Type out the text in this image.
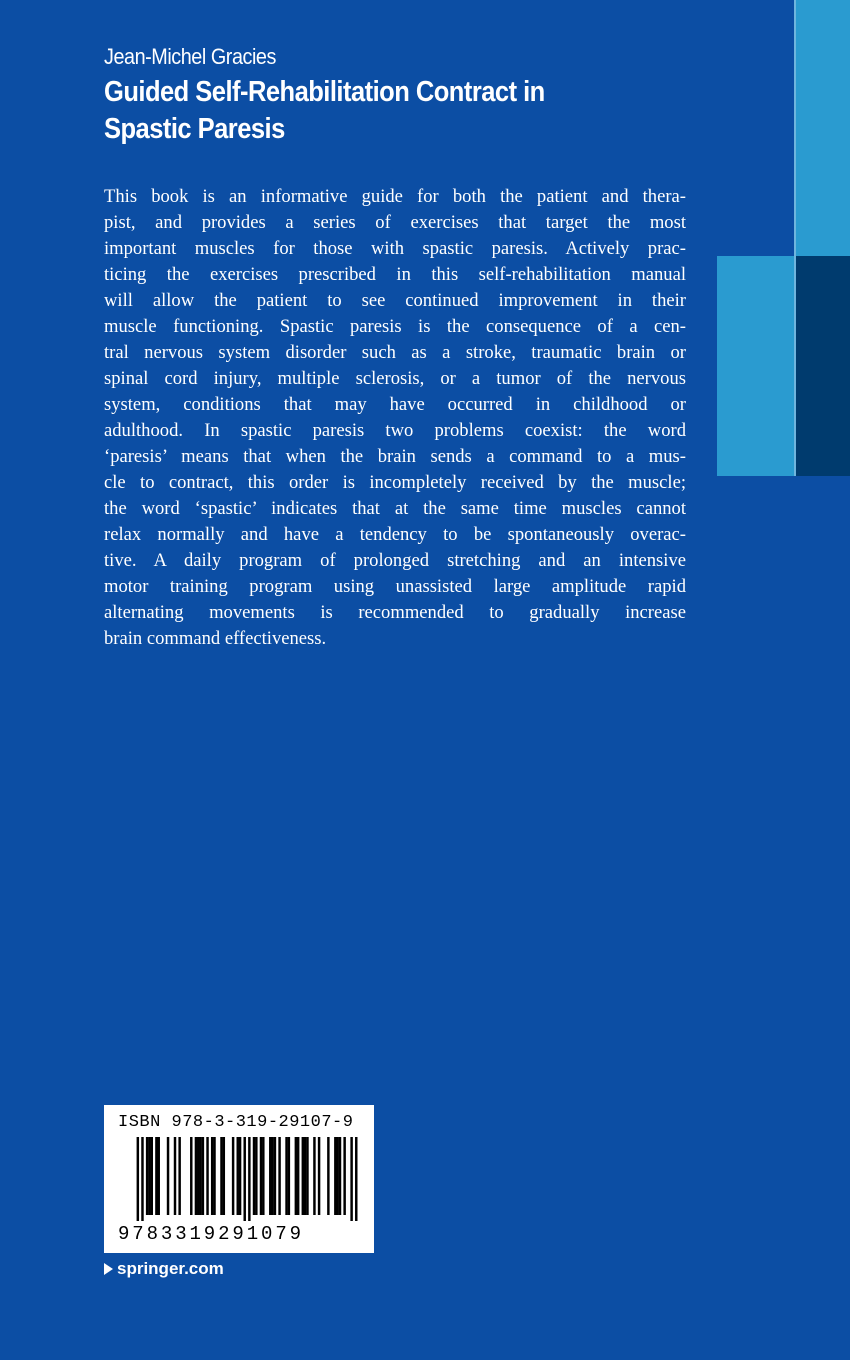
Jean-Michel Gracies
Guided Self-Rehabilitation Contract in
Spastic Paresis

This book is an informative guide for both the patient and thera-
pist, and provides a series of exercises that target the most
important muscles for those with spastic paresis. Actively prac-
ticing the exercises prescribed in this self-rehabilitation manual
will allow the patient to see continued improvement in their
muscle functioning. Spastic paresis is the consequence of a cen-
tral nervous system disorder such as a stroke, traumatic brain or
spinal cord injury, multiple sclerosis, or a tumor of the nervous
system, conditions that may have occurred in childhood or
adulthood. In spastic paresis two problems coexist: the word
‘paresis’ means that when the brain sends a command to a mus-
cle to contract, this order is incompletely received by the muscle;
the word ‘spastic’ indicates that at the same time muscles cannot
relax normally and have a tendency to be spontaneously overac-
tive. A daily program of prolonged stretching and an intensive
motor training program using unassisted large amplitude rapid
alternating movements is recommended to gradually increase
brain command effectiveness.

ISBN 978-3-319-29107-9
9783319291079
springer.com
